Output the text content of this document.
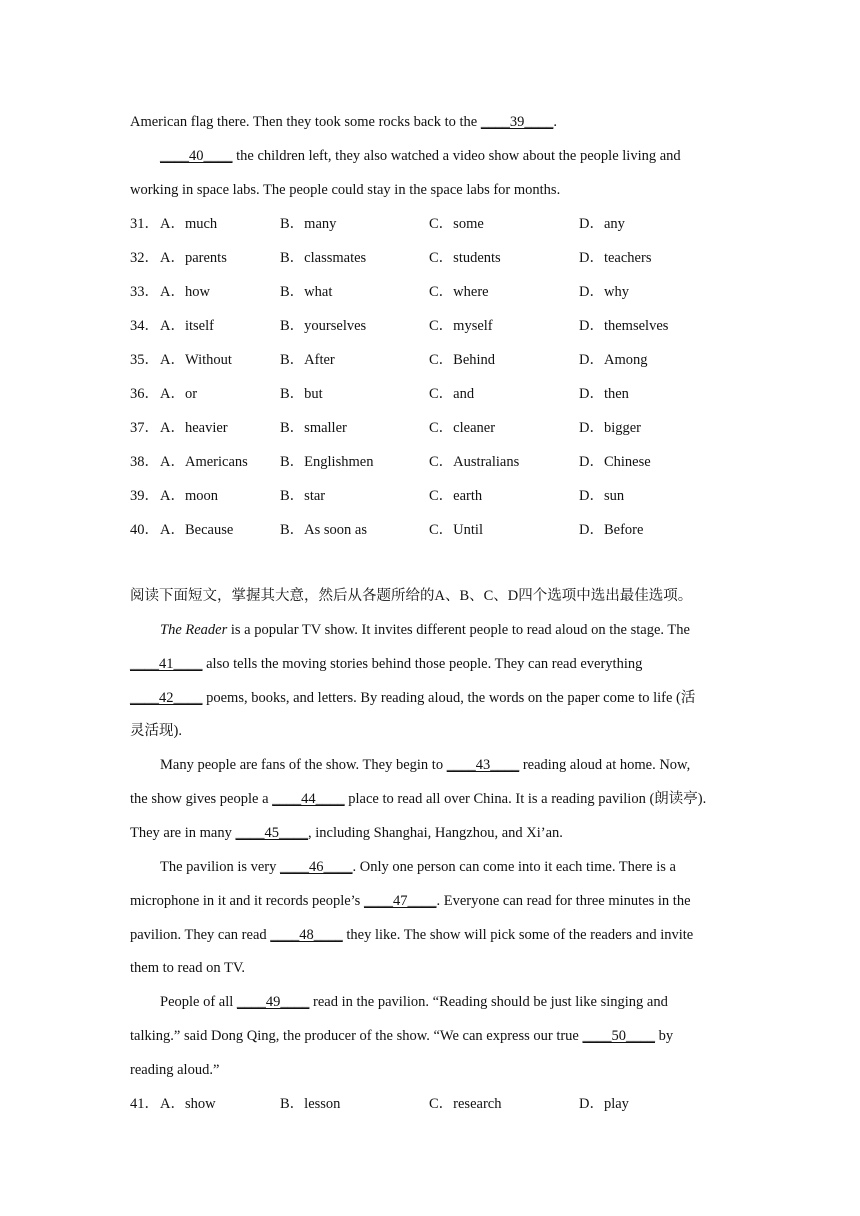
American flag there. Then they took some rocks back to the ____39____.
____40____ the children left, they also watched a video show about the people living and
working in space labs. The people could stay in the space labs for months.
31． A．much	B．many	C．some	D．any
32． A．parents	B．classmates	C．students	D．teachers
33． A．how	B．what	C．where	D．why
34． A．itself	B．yourselves	C．myself	D．themselves
35． A．Without	B．After	C．Behind	D．Among
36． A．or	B．but	C．and	D．then
37． A．heavier	B．smaller	C．cleaner	D．bigger
38． A．Americans B．Englishmen	C．Australians	D．Chinese
39． A．moon	B．star	C．earth	D．sun
40． A．Because	B．As soon as	C．Until	D．Before
阅读下面短文，掌握其大意，然后从各题所给的A、B、C、D四个选项中选出最佳选项。
The Reader is a popular TV show. It invites different people to read aloud on the stage. The
____41____ also tells the moving stories behind those people. They can read everything
____42____ poems, books, and letters. By reading aloud, the words on the paper come to life (活
灵活现).
Many people are fans of the show. They begin to ____43____ reading aloud at home. Now,
the show gives people a ____44____ place to read all over China. It is a reading pavilion (朗读亭).
They are in many ____45____, including Shanghai, Hangzhou, and Xi’an.
The pavilion is very ____46____. Only one person can come into it each time. There is a
microphone in it and it records people’s ____47____. Everyone can read for three minutes in the
pavilion. They can read ____48____ they like. The show will pick some of the readers and invite
them to read on TV.
People of all ____49____ read in the pavilion. “Reading should be just like singing and
talking.” said Dong Qing, the producer of the show. “We can express our true ____50____ by
reading aloud.”
41． A．show	B．lesson	C．research	D．play
